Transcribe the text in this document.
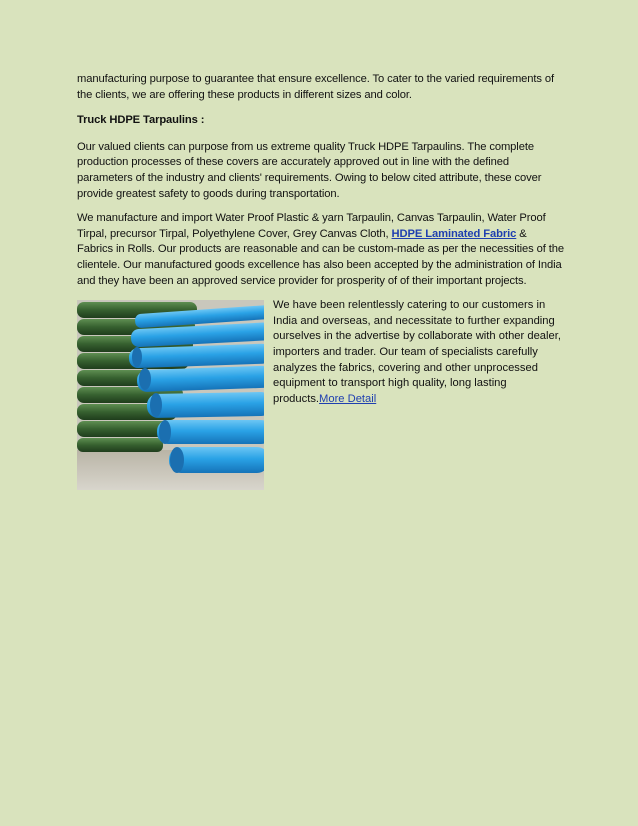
manufacturing purpose to guarantee that ensure excellence. To cater to the varied requirements of the clients, we are offering these products in different sizes and color.

Truck HDPE Tarpaulins :

Our valued clients can purpose from us extreme quality Truck HDPE Tarpaulins. The complete production processes of these covers are accurately approved out in line with the defined parameters of the industry and clients' requirements. Owing to below cited attribute, these cover provide greatest safety to goods during transportation.

We manufacture and import Water Proof Plastic & yarn Tarpaulin, Canvas Tarpaulin, Water Proof Tirpal, precursor Tirpal, Polyethylene Cover, Grey Canvas Cloth, HDPE Laminated Fabric & Fabrics in Rolls. Our products are reasonable and can be custom-made as per the necessities of the clientele. Our manufactured goods excellence has also been accepted by the administration of India and they have been an approved service provider for prosperity of of their important projects.

We have been relentlessly catering to our customers in India and overseas, and necessitate to further expanding ourselves in the advertise by collaborate with other dealer, importers and trader. Our team of specialists carefully analyzes the fabrics, covering and other unprocessed equipment to transport high quality, long lasting products.More Detail
